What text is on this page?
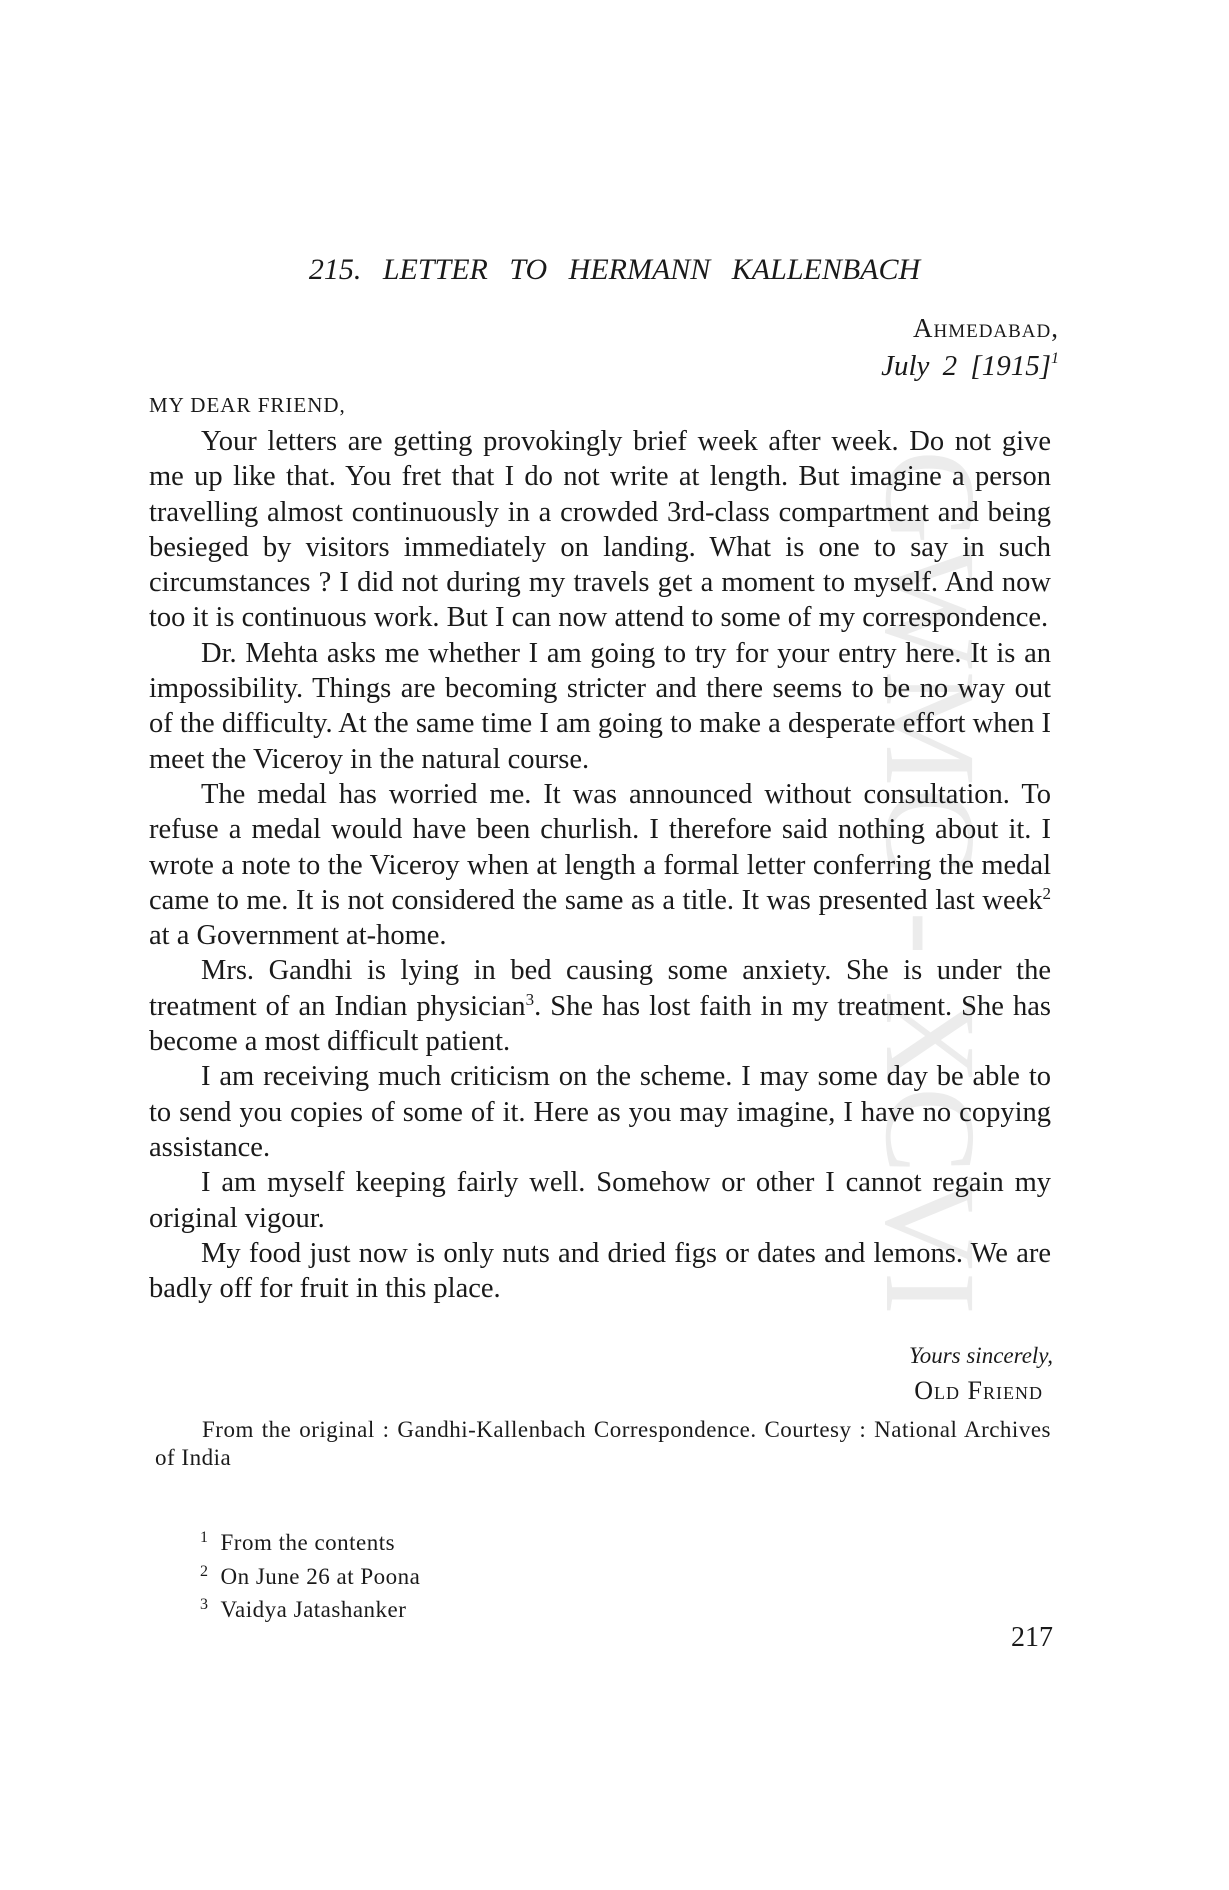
GWMC - XCVI
215. LETTER TO HERMANN KALLENBACH
Ahmedabad,
July 2 $[1915]^1$
MY DEAR FRIEND,

Your letters are getting provokingly brief week after week. Do not give me up like that. You fret that I do not write at length. But imagine a person travelling almost continuously in a crowded 3rd-class compartment and being besieged by visitors immediately on landing. What is one to say in such circumstances ? I did not during my travels get a moment to myself. And now too it is continuous work. But I can now attend to some of my correspondence.

Dr. Mehta asks me whether I am going to try for your entry here. It is an impossibility. Things are becoming stricter and there seems to be no way out of the difficulty. At the same time I am going to make a desperate effort when I meet the Viceroy in the natural course.

The medal has worried me. It was announced without consultation. To refuse a medal would have been churlish. I therefore said nothing about it. I wrote a note to the Viceroy when at length a formal letter conferring the medal came to me. It is not considered the same as a title. It was presented last week$^2$ at a Government at-home.

Mrs. Gandhi is lying in bed causing some anxiety. She is under the treatment of an Indian physician$^3$. She has lost faith in my treatment. She has become a most difficult patient.

I am receiving much criticism on the scheme. I may some day be able to to send you copies of some of it. Here as you may imagine, I have no copying assistance.

I am myself keeping fairly well. Somehow or other I cannot regain my original vigour.

My food just now is only nuts and dried figs or dates and lemons. We are badly off for fruit in this place.

Yours sincerely,
Old Friend
From the original : Gandhi-Kallenbach Correspondence. Courtesy : National Archives of India
1 From the contents
2 On June 26 at Poona
3 Vaidya Jatashanker
217
